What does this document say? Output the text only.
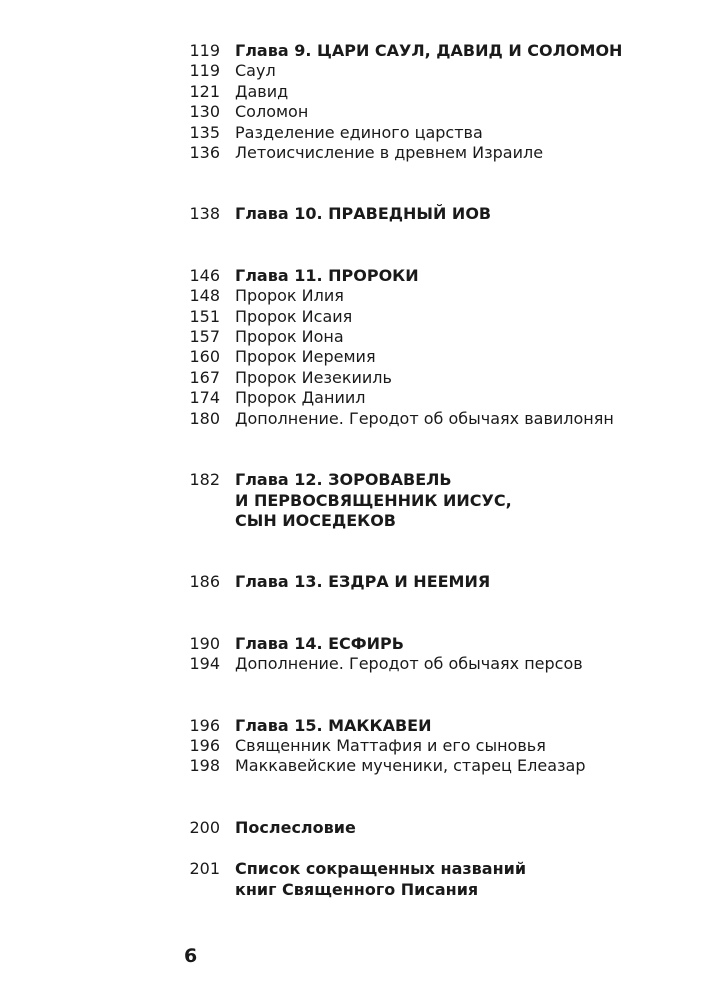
119 Глава 9. ЦАРИ САУЛ, ДАВИД И СОЛОМОН
119 Саул
121 Давид
130 Соломон
135 Разделение единого царства
136 Летоисчисление в древнем Израиле
138 Глава 10. ПРАВЕДНЫЙ ИОВ
146 Глава 11. ПРОРОКИ
148 Пророк Илия
151 Пророк Исаия
157 Пророк Иона
160 Пророк Иеремия
167 Пророк Иезекииль
174 Пророк Даниил
180 Дополнение. Геродот об обычаях вавилонян
182 Глава 12. ЗОРОВАВЕЛЬ
И ПЕРВОСВЯЩЕННИК ИИСУС,
СЫН ИОСЕДЕКОВ
186 Глава 13. ЕЗДРА И НЕЕМИЯ
190 Глава 14. ЕСФИРЬ
194 Дополнение. Геродот об обычаях персов
196 Глава 15. МАККАВЕИ
196 Священник Маттафия и его сыновья
198 Маккавейские мученики, старец Елеазар
200 Послесловие
201 Список сокращенных названий
книг Священного Писания
6
